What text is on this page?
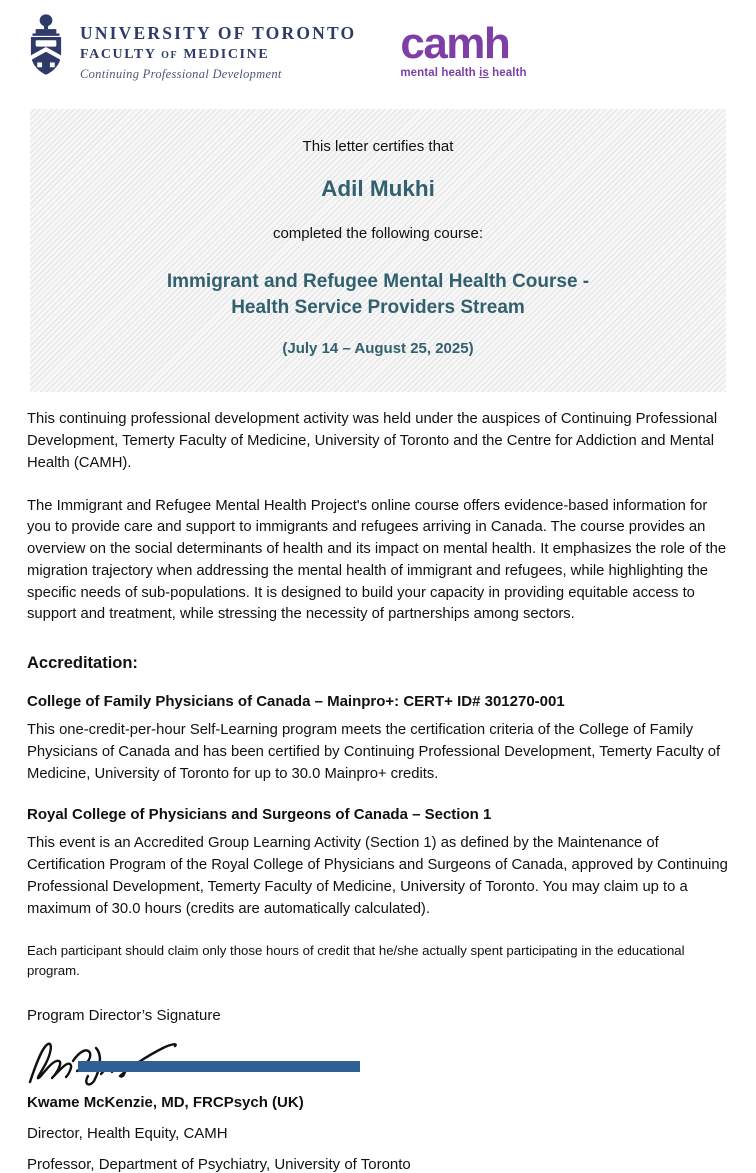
UNIVERSITY OF TORONTO
FACULTY OF MEDICINE
Continuing Professional Development
camh
mental health is health
This letter certifies that
Adil Mukhi
completed the following course:
Immigrant and Refugee Mental Health Course -
Health Service Providers Stream
(July 14 – August 25, 2025)

This continuing professional development activity was held under the auspices of Continuing Professional Development, Temerty Faculty of Medicine, University of Toronto and the Centre for Addiction and Mental Health (CAMH).

The Immigrant and Refugee Mental Health Project's online course offers evidence-based information for you to provide care and support to immigrants and refugees arriving in Canada. The course provides an overview on the social determinants of health and its impact on mental health. It emphasizes the role of the migration trajectory when addressing the mental health of immigrant and refugees, while highlighting the specific needs of sub-populations. It is designed to build your capacity in providing equitable access to support and treatment, while stressing the necessity of partnerships among sectors.

Accreditation:
College of Family Physicians of Canada – Mainpro+: CERT+ ID# 301270-001

This one-credit-per-hour Self-Learning program meets the certification criteria of the College of Family Physicians of Canada and has been certified by Continuing Professional Development, Temerty Faculty of Medicine, University of Toronto for up to 30.0 Mainpro+ credits.

Royal College of Physicians and Surgeons of Canada – Section 1

This event is an Accredited Group Learning Activity (Section 1) as defined by the Maintenance of Certification Program of the Royal College of Physicians and Surgeons of Canada, approved by Continuing Professional Development, Temerty Faculty of Medicine, University of Toronto. You may claim up to a maximum of 30.0 hours (credits are automatically calculated).

Each participant should claim only those hours of credit that he/she actually spent participating in the educational program.

Program Director’s Signature
Kwame McKenzie, MD, FRCPsych (UK)
Director, Health Equity, CAMH
Professor, Department of Psychiatry, University of Toronto
